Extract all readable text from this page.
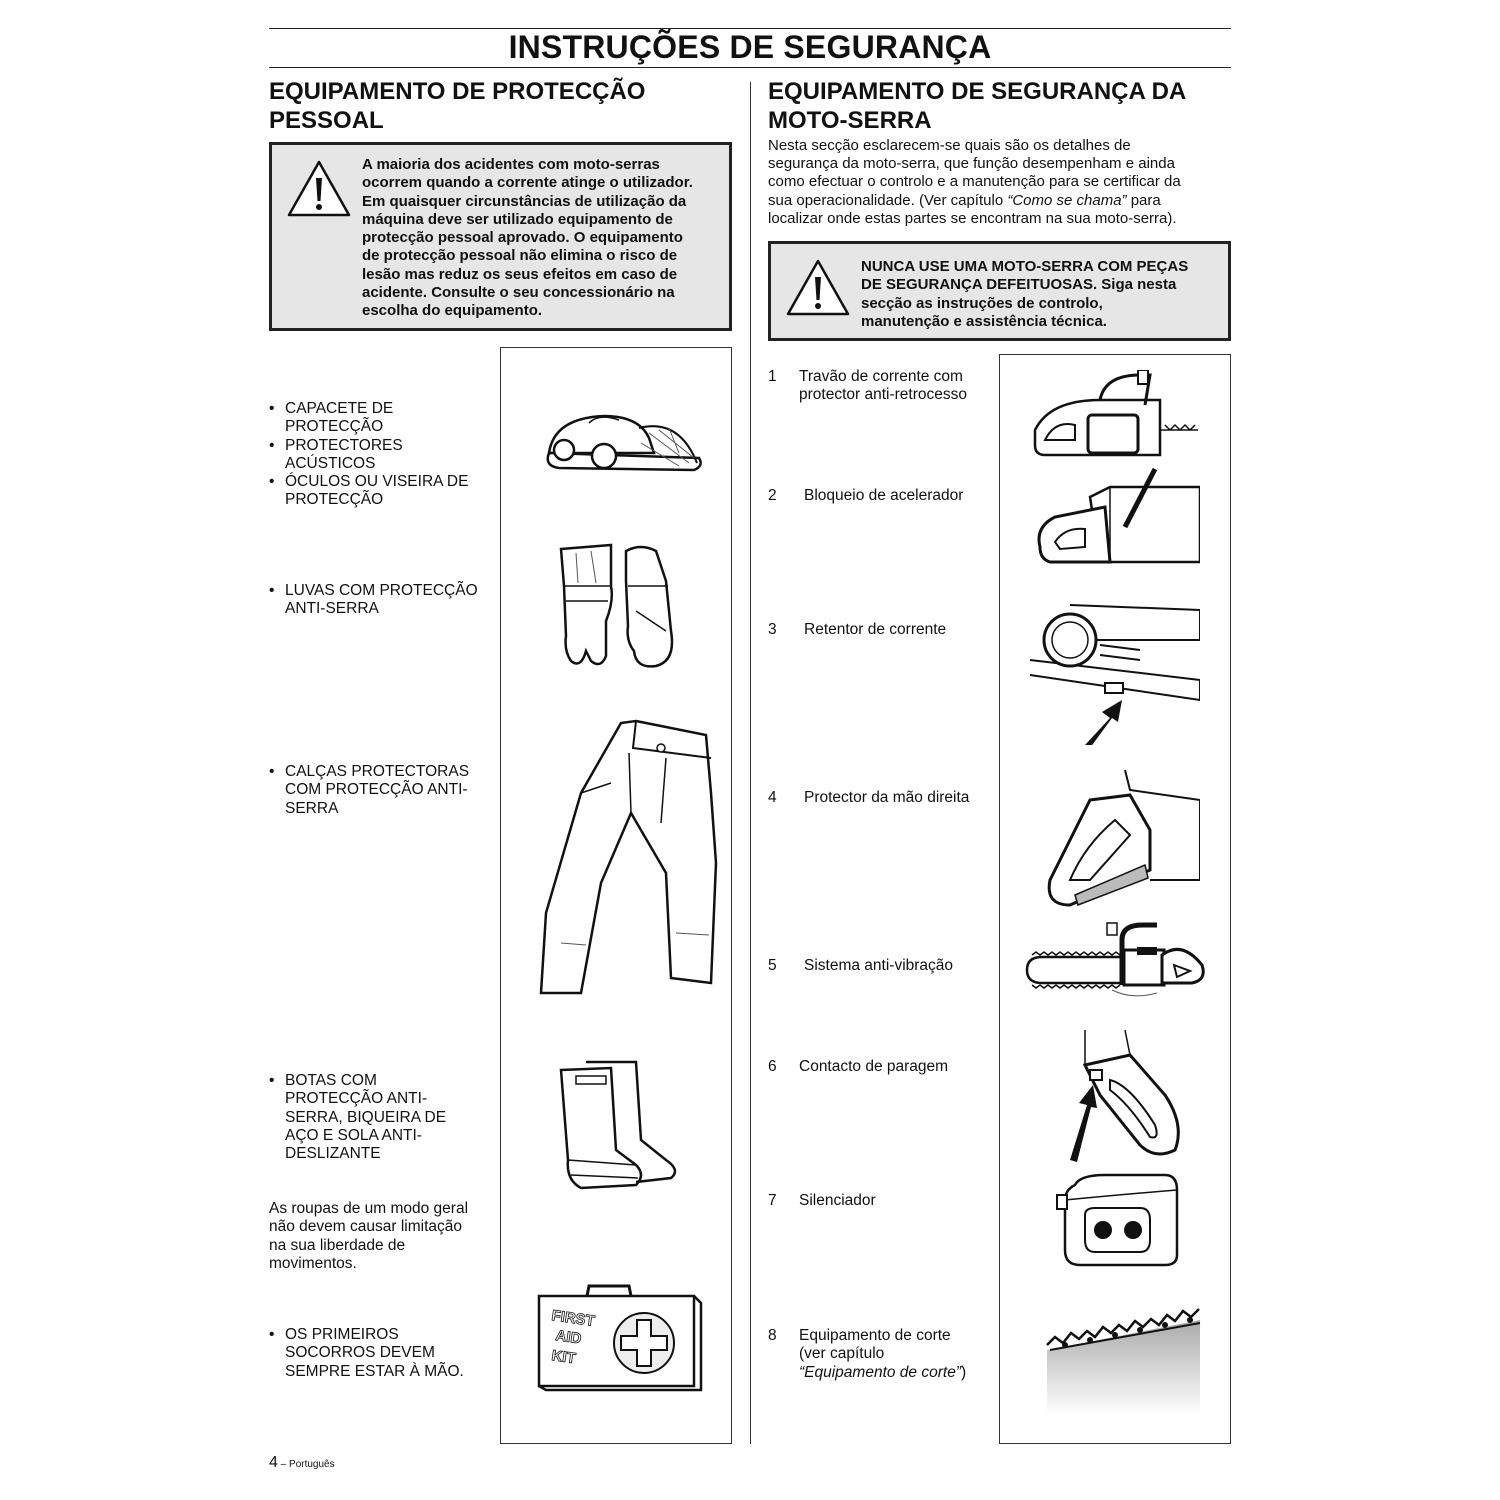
INSTRUÇÕES DE SEGURANÇA
EQUIPAMENTO DE PROTECÇÃO
PESSOAL
A maioria dos acidentes com moto-serras
ocorrem quando a corrente atinge o utilizador.
Em quaisquer circunstâncias de utilização da
máquina deve ser utilizado equipamento de
protecção pessoal aprovado. O equipamento
de protecção pessoal não elimina o risco de
lesão mas reduz os seus efeitos em caso de
acidente. Consulte o seu concessionário na
escolha do equipamento.
• CAPACETE DE
PROTECÇÃO
• PROTECTORES
ACÚSTICOS
• ÓCULOS OU VISEIRA DE
PROTECÇÃO
• LUVAS COM PROTECÇÃO
ANTI-SERRA
• CALÇAS PROTECTORAS
COM PROTECÇÃO ANTI-
SERRA
• BOTAS COM
PROTECÇÃO ANTI-
SERRA, BIQUEIRA DE
AÇO E SOLA ANTI-
DESLIZANTE
As roupas de um modo geral
não devem causar limitação
na sua liberdade de
movimentos.
• OS PRIMEIROS
SOCORROS DEVEM
SEMPRE ESTAR À MÃO.
FIRST
AID
KIT
EQUIPAMENTO DE SEGURANÇA DA
MOTO-SERRA
Nesta secção esclarecem-se quais são os detalhes de
segurança da moto-serra, que função desempenham e ainda
como efectuar o controlo e a manutenção para se certificar da
sua operacionalidade. (Ver capítulo “Como se chama” para
localizar onde estas partes se encontram na sua moto-serra).
NUNCA USE UMA MOTO-SERRA COM PEÇAS
DE SEGURANÇA DEFEITUOSAS. Siga nesta
secção as instruções de controlo,
manutenção e assistência técnica.
1 Travão de corrente com
protector anti-retrocesso
2 Bloqueio de acelerador
3 Retentor de corrente
4 Protector da mão direita
5 Sistema anti-vibração
6 Contacto de paragem
7 Silenciador
8 Equipamento de corte
(ver capítulo
“Equipamento de corte”)
4 – Português
